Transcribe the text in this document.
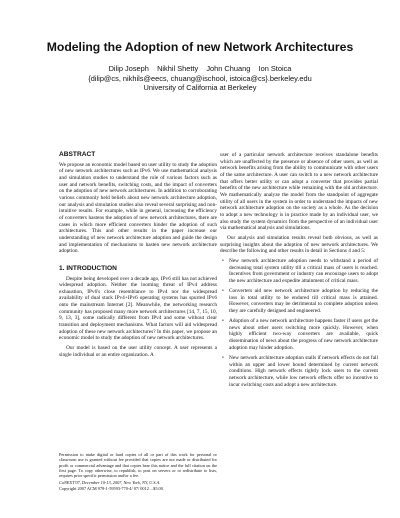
Modeling the Adoption of new Network Architectures
Dilip Joseph    Nikhil Shetty    John Chuang    Ion Stoica
{dilip@cs, nikhils@eecs, chuang@ischool, istoica@cs}.berkeley.edu
University of California at Berkeley
ABSTRACT

We propose an economic model based on user utility to study the adoption of new network architectures such as IPv6. We use mathematical analysis and simulation studies to understand the role of various factors such as user and network benefits, switching costs, and the impact of converters on the adoption of new network architectures. In addition to corroborating various commonly held beliefs about new network architecture adoption, our analysis and simulation studies also reveal several surprising and non-intuitive results. For example, while in general, increasing the efficiency of converters hastens the adoption of new network architectures, there are cases in which more efficient converters hinder the adoption of such architectures. This and other results in the paper increase our understanding of new network architecture adoption and guide the design and implementation of mechanisms to hasten new network architecture adoption.

1. INTRODUCTION

Despite being developed over a decade ago, IPv6 still has not achieved widespread adoption. Neither the looming threat of IPv4 address exhaustion, IPv6's close resemblance to IPv4 nor the widespread availability of dual stack IPv4+IPv6 operating systems has spurred IPv6 onto the mainstream Internet [2]. Meanwhile, the networking research community has proposed many more network architectures [14, 7, 15, 10, 9, 13, 3], some radically different from IPv4 and some without clear transition and deployment mechanisms. What factors will aid widespread adoption of these new network architectures? In this paper, we propose an economic model to study the adoption of new network architectures.

Our model is based on the user utility concept. A user represents a single individual or an entire organization. A

Permission to make digital or hard copies of all or part of this work for personal or classroom use is granted without fee provided that copies are not made or distributed for profit or commercial advantage and that copies bear this notice and the full citation on the first page. To copy otherwise, to republish, to post on servers or to redistribute to lists, requires prior specific permission and/or a fee.
CoNEXT'07, December 10-13, 2007, New York, NY, U.S.A.
Copyright 2007 ACM 978-1-59593-770-4/ 07/ 0012 ...$5.00.

user of a particular network architecture receives standalone benefits which are unaffected by the presence or absence of other users, as well as network benefits arising from the ability to communicate with other users of the same architecture. A user can switch to a new network architecture that offers better utility or can adopt a converter that provides partial benefits of the new architecture while remaining with the old architecture. We mathematically analyze the model from the standpoint of aggregate utility of all users in the system in order to understand the impacts of new network architecture adoption on the society as a whole. As the decision to adopt a new technology is in practice made by an individual user, we also study the system dynamics from the perspective of an individual user via mathematical analysis and simulations.

Our analysis and simulation results reveal both obvious, as well as surprising insights about the adoption of new network architectures. We describe the following and other results in detail in Sections 4 and 5:

• New network architecture adoption needs to withstand a period of decreasing total system utility till a critical mass of users is reached. Incentives from government or industry can encourage users to adopt the new architecture and expedite attainment of critical mass.
• Converters aid new network architecture adoption by reducing the loss in total utility to be endured till critical mass is attained. However, converters may be detrimental to complete adoption unless they are carefully designed and engineered.
• Adoption of a new network architecture happens faster if users get the news about other users switching more quickly. However, when highly efficient two-way converters are available, quick dissemination of news about the progress of new network architecture adoption may hinder adoption.
• New network architecture adoption stalls if network effects do not fall within an upper and lower bound determined by current network conditions. High network effects tightly lock users to the current network architecture, while low network effects offer no incentive to incur switching costs and adopt a new architecture.
